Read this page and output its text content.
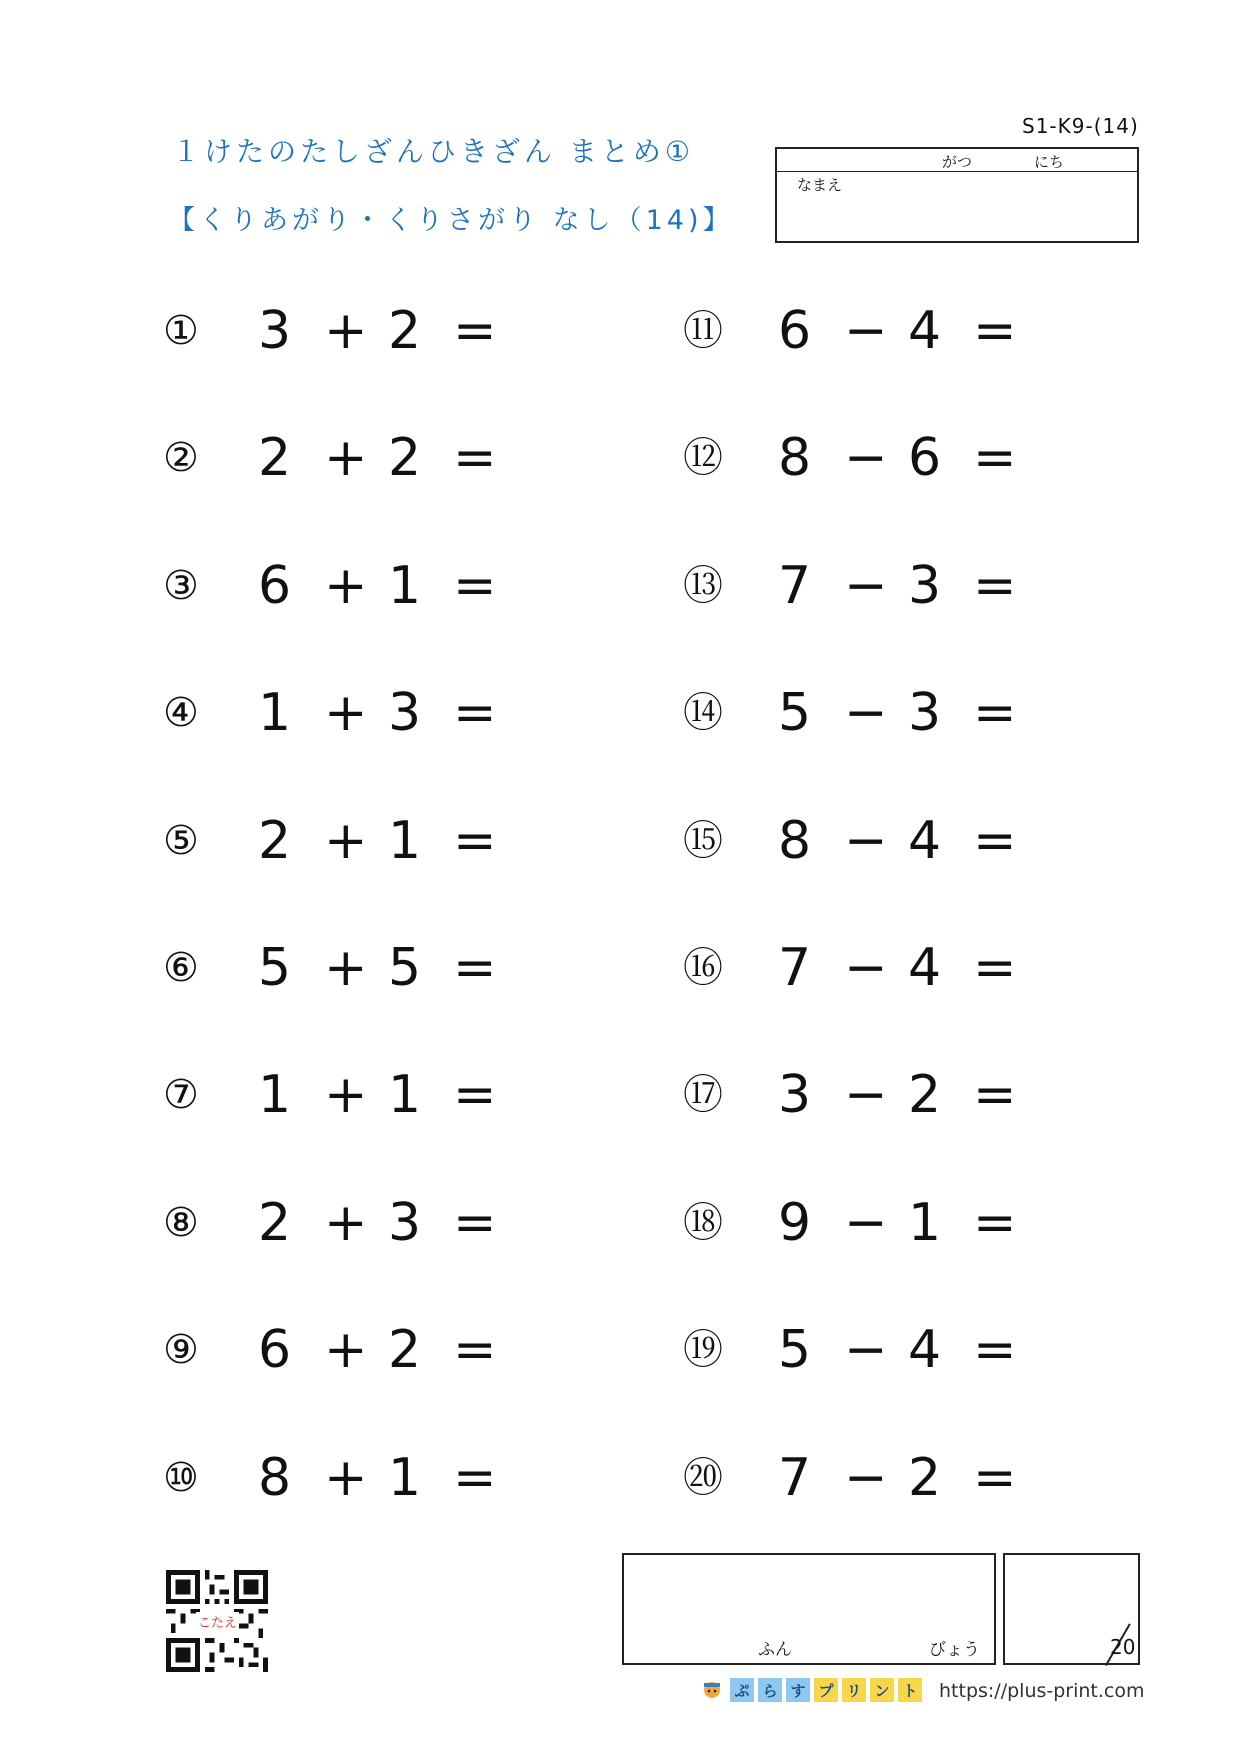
１けたのたしざんひきざん まとめ①
【くりあがり・くりさがり なし（14)】
S1-K9-(14)
がつ	にち
なまえ
① 3 + 2 =
② 2 + 2 =
③ 6 + 1 =
④ 1 + 3 =
⑤ 2 + 1 =
⑥ 5 + 5 =
⑦ 1 + 1 =
⑧ 2 + 3 =
⑨ 6 + 2 =
⑩ 8 + 1 =
⑪ 6 − 4 =
⑫ 8 − 6 =
⑬ 7 − 3 =
⑭ 5 − 3 =
⑮ 8 − 4 =
⑯ 7 − 4 =
⑰ 3 − 2 =
⑱ 9 − 1 =
⑲ 5 − 4 =
⑳ 7 − 2 =
ふん	びょう	20
こたえ
ぷ ら す プ リ ン ト https://plus-print.com
